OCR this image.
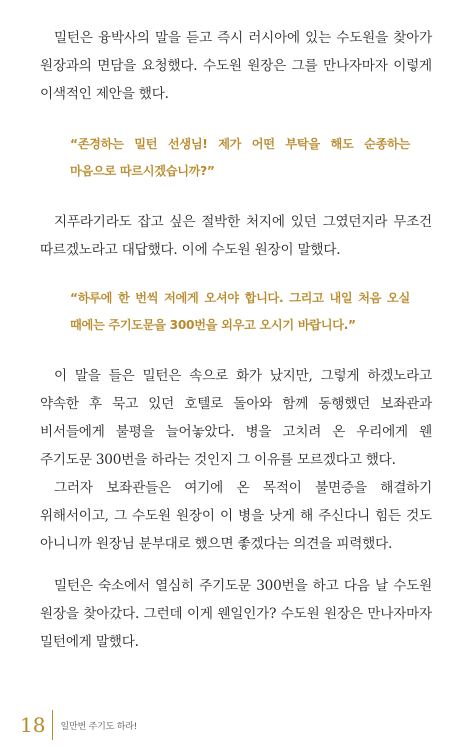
밀턴은 융박사의 말을 듣고 즉시 러시아에 있는 수도원을 찾아가 원장과의 면담을 요청했다. 수도원 원장은 그를 만나자마자 이렇게 이색적인 제안을 했다.

“존경하는 밀턴 선생님! 제가 어떤 부탁을 해도 순종하는 마음으로 따르시겠습니까?”

지푸라기라도 잡고 싶은 절박한 처지에 있던 그였던지라 무조건 따르겠노라고 대답했다. 이에 수도원 원장이 말했다.

“하루에 한 번씩 저에게 오셔야 합니다. 그리고 내일 처음 오실 때에는 주기도문을 300번을 외우고 오시기 바랍니다.”

이 말을 들은 밀턴은 속으로 화가 났지만, 그렇게 하겠노라고 약속한 후 묵고 있던 호텔로 돌아와 함께 동행했던 보좌관과 비서들에게 불평을 늘어놓았다. 병을 고치려 온 우리에게 웬 주기도문 300번을 하라는 것인지 그 이유를 모르겠다고 했다.

그러자 보좌관들은 여기에 온 목적이 불면증을 해결하기 위해서이고, 그 수도원 원장이 이 병을 낫게 해 주신다니 힘든 것도 아니니까 원장님 분부대로 했으면 좋겠다는 의견을 피력했다.

밀턴은 숙소에서 열심히 주기도문 300번을 하고 다음 날 수도원 원장을 찾아갔다. 그런데 이게 웬일인가? 수도원 원장은 만나자마자 밀턴에게 말했다.

18	일만번 주기도 하라!
